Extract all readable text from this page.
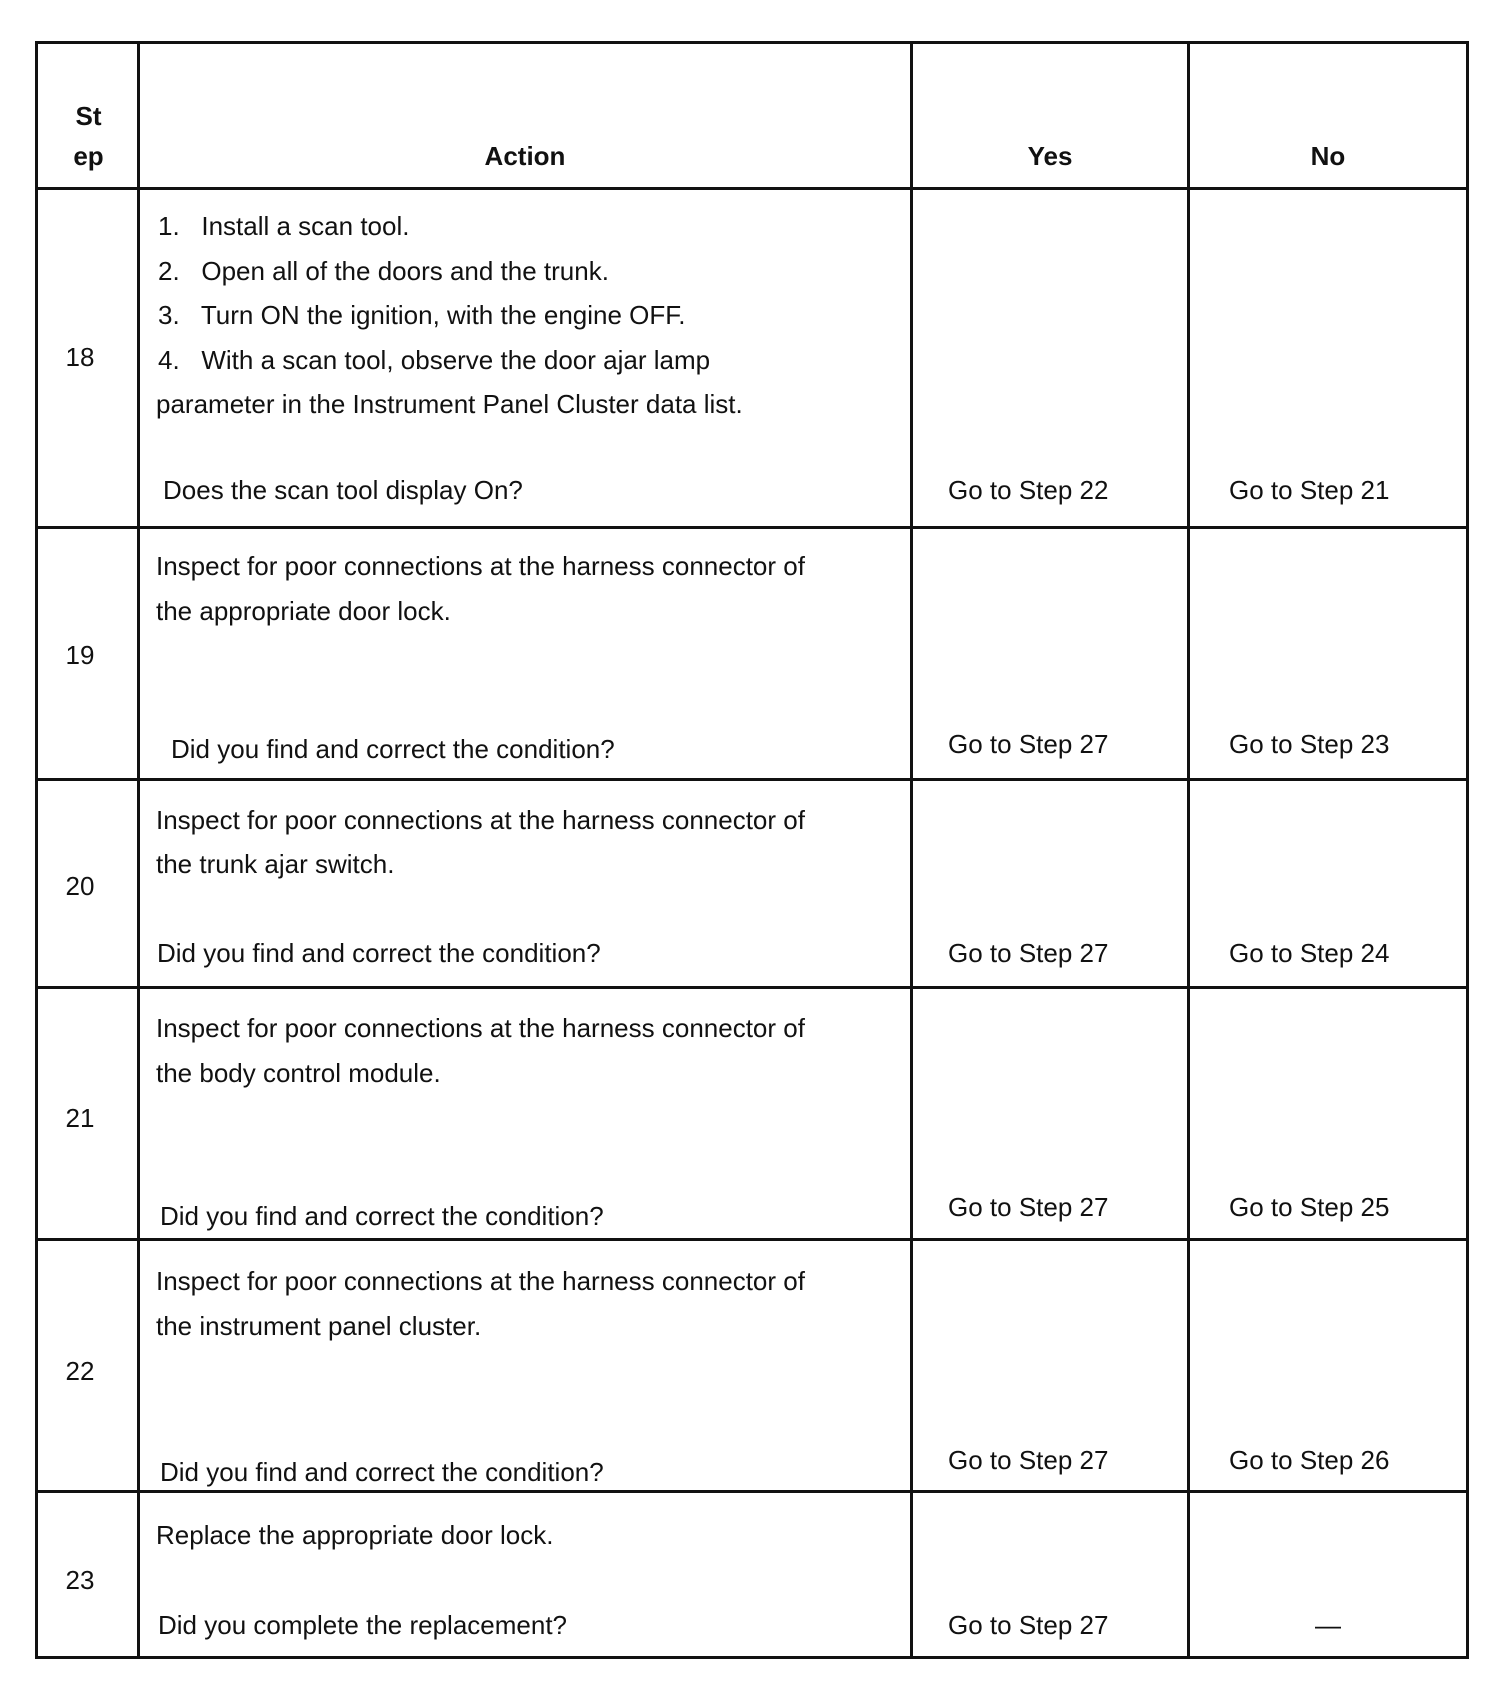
St
ep	Action	Yes	No
18
1.   Install a scan tool.
2.   Open all of the doors and the trunk.
3.   Turn ON the ignition, with the engine OFF.
4.   With a scan tool, observe the door ajar lamp
parameter in the Instrument Panel Cluster data list.
Does the scan tool display On?	Go to Step 22	Go to Step 21
19
Inspect for poor connections at the harness connector of
the appropriate door lock.
Did you find and correct the condition?	Go to Step 27	Go to Step 23
20
Inspect for poor connections at the harness connector of
the trunk ajar switch.
Did you find and correct the condition?	Go to Step 27	Go to Step 24
21
Inspect for poor connections at the harness connector of
the body control module.
Did you find and correct the condition?	Go to Step 27	Go to Step 25
22
Inspect for poor connections at the harness connector of
the instrument panel cluster.
Did you find and correct the condition?	Go to Step 27	Go to Step 26
23
Replace the appropriate door lock.
Did you complete the replacement?	Go to Step 27	—
